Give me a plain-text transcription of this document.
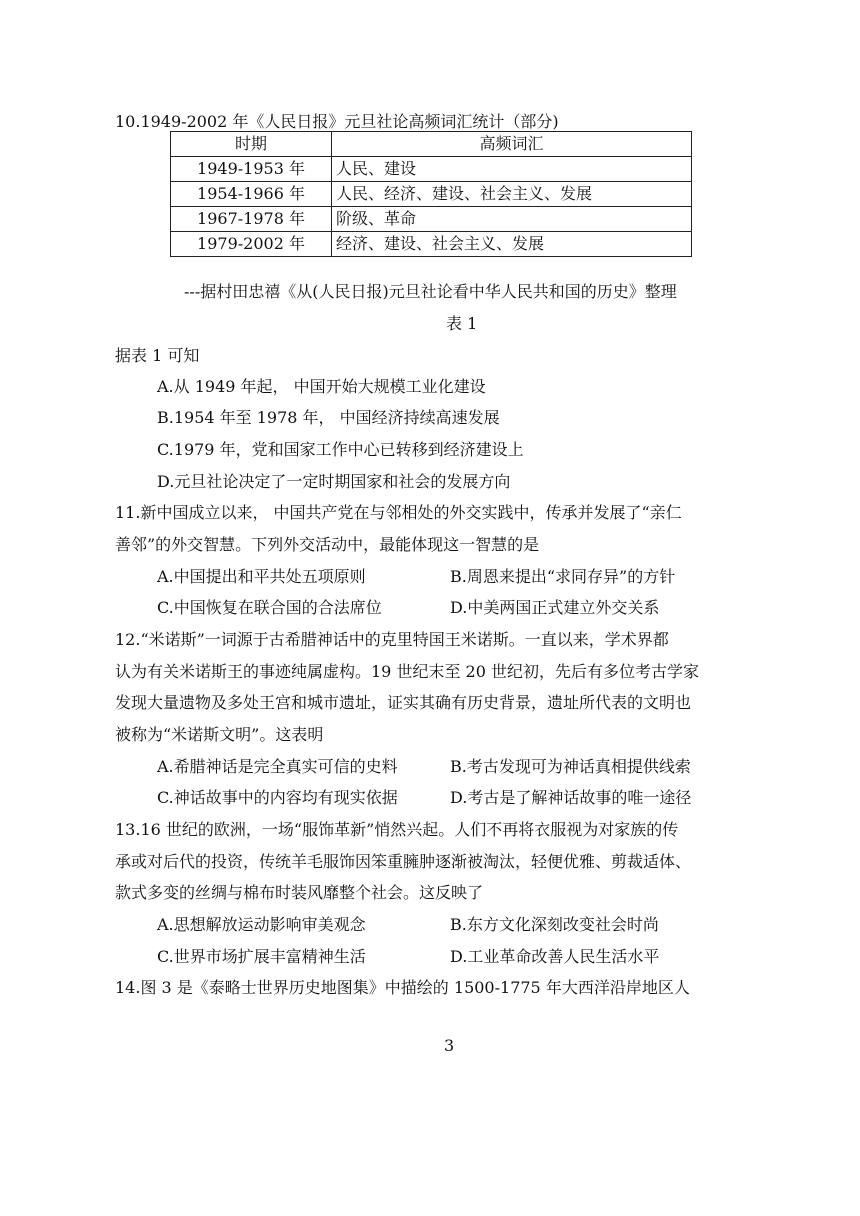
10.1949-2002 年《人民日报》元旦社论高频词汇统计（部分)
时期	高频词汇
1949-1953 年	人民、建设
1954-1966 年	人民、经济、建设、社会主义、发展
1967-1978 年	阶级、革命
1979-2002 年	经济、建设、社会主义、发展
---据村田忠禧《从(人民日报)元旦社论看中华人民共和国的历史》整理
表 1
据表 1 可知
A.从 1949 年起， 中国开始大规模工业化建设
B.1954 年至 1978 年， 中国经济持续高速发展
C.1979 年，党和国家工作中心已转移到经济建设上
D.元旦社论决定了一定时期国家和社会的发展方向
11.新中国成立以来， 中国共产党在与邻相处的外交实践中，传承并发展了“亲仁
善邻”的外交智慧。下列外交活动中，最能体现这一智慧的是
A.中国提出和平共处五项原则	B.周恩来提出“求同存异”的方针
C.中国恢复在联合国的合法席位	D.中美两国正式建立外交关系
12.“米诺斯”一词源于古希腊神话中的克里特国王米诺斯。一直以来，学术界都
认为有关米诺斯王的事迹纯属虚构。19 世纪末至 20 世纪初，先后有多位考古学家
发现大量遗物及多处王宫和城市遗址，证实其确有历史背景，遗址所代表的文明也
被称为“米诺斯文明”。这表明
A.希腊神话是完全真实可信的史料	B.考古发现可为神话真相提供线索
C.神话故事中的内容均有现实依据	D.考古是了解神话故事的唯一途径
13.16 世纪的欧洲，一场“服饰革新”悄然兴起。人们不再将衣服视为对家族的传
承或对后代的投资，传统羊毛服饰因笨重臃肿逐渐被淘汰，轻便优雅、剪裁适体、
款式多变的丝绸与棉布时装风靡整个社会。这反映了
A.思想解放运动影响审美观念	B.东方文化深刻改变社会时尚
C.世界市场扩展丰富精神生活	D.工业革命改善人民生活水平
14.图 3 是《泰略士世界历史地图集》中描绘的 1500-1775 年大西洋沿岸地区人
3
